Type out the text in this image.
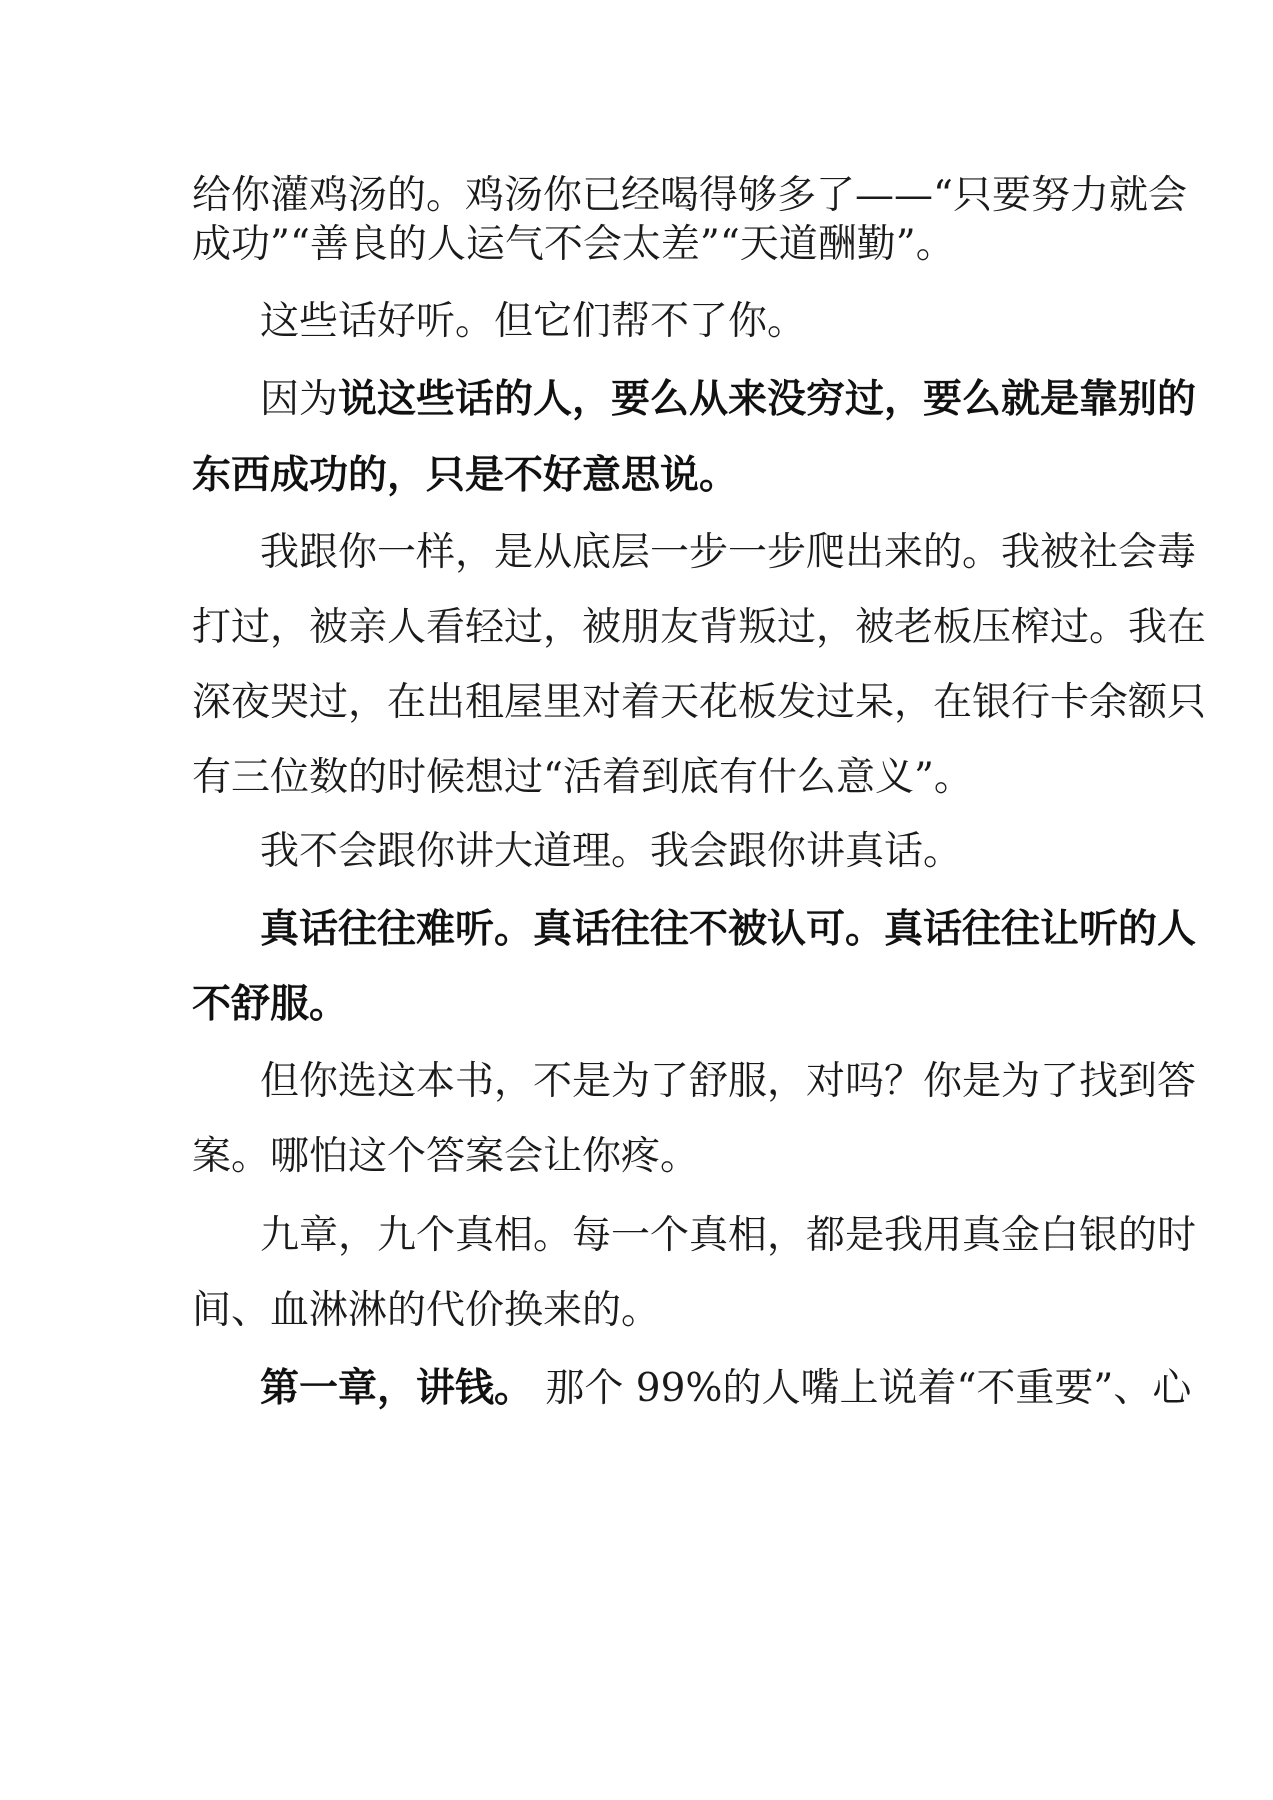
给你灌鸡汤的。鸡汤你已经喝得够多了——“只要努力就会
成功”“善良的人运气不会太差”“天道酬勤”。
这些话好听。但它们帮不了你。
因为说这些话的人，要么从来没穷过，要么就是靠别的
东西成功的，只是不好意思说。
我跟你一样，是从底层一步一步爬出来的。我被社会毒
打过，被亲人看轻过，被朋友背叛过，被老板压榨过。我在
深夜哭过，在出租屋里对着天花板发过呆，在银行卡余额只
有三位数的时候想过“活着到底有什么意义”。
我不会跟你讲大道理。我会跟你讲真话。
真话往往难听。真话往往不被认可。真话往往让听的人
不舒服。
但你选这本书，不是为了舒服，对吗？你是为了找到答
案。哪怕这个答案会让你疼。
九章，九个真相。每一个真相，都是我用真金白银的时
间、血淋淋的代价换来的。
第一章，讲钱。 那个 99%的人嘴上说着“不重要”、心
